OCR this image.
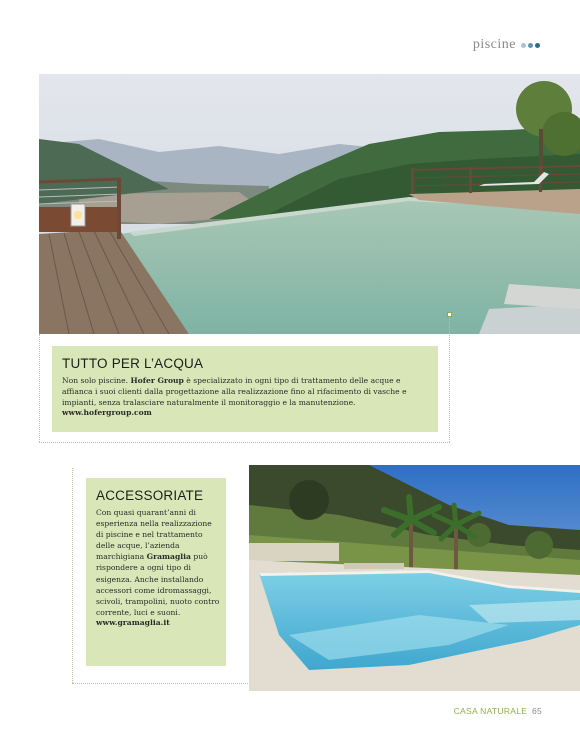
piscine
TUTTO PER L’ACQUA
Non solo piscine. Hofer Group è specializzato in ogni tipo di trattamento delle acque e affianca i suoi clienti dalla progettazione alla realizzazione fino al rifacimento di vasche e impianti, senza tralasciare naturalmente il monitoraggio e la manutenzione.
www.hofergroup.com
ACCESSORIATE
Con quasi quarant’anni di esperienza nella realizzazione di piscine e nel trattamento delle acque, l’azienda marchigiana Gramaglia può rispondere a ogni tipo di esigenza. Anche installando accessori come idromassaggi, scivoli, trampolini, nuoto contro corrente, luci e suoni.
www.gramaglia.it
CASA NATURALE 65
